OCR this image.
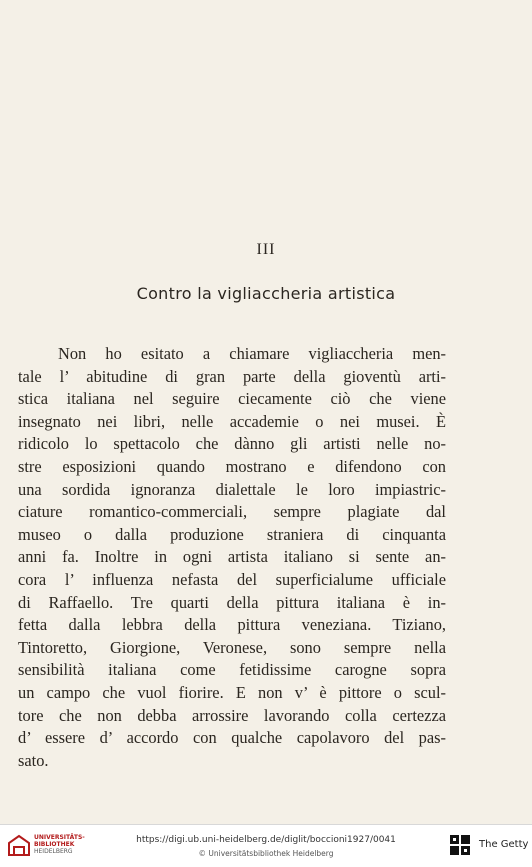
III
Contro la vigliaccheria artistica
Non ho esitato a chiamare vigliaccheria men-
tale l’ abitudine di gran parte della gioventù arti-
stica italiana nel seguire ciecamente ciò che viene
insegnato nei libri, nelle accademie o nei musei. È
ridicolo lo spettacolo che dànno gli artisti nelle no-
stre esposizioni quando mostrano e difendono con
una sordida ignoranza dialettale le loro impiastric-
ciature romantico-commerciali, sempre plagiate dal
museo o dalla produzione straniera di cinquanta
anni fa. Inoltre in ogni artista italiano si sente an-
cora l’ influenza nefasta del superficialume ufficiale
di Raffaello. Tre quarti della pittura italiana è in-
fetta dalla lebbra della pittura veneziana. Tiziano,
Tintoretto, Giorgione, Veronese, sono sempre nella
sensibilità italiana come fetidissime carogne sopra
un campo che vuol fiorire. E non v’ è pittore o scul-
tore che non debba arrossire lavorando colla certezza
d’ essere d’ accordo con qualche capolavoro del pas-
sato.
UNIVERSITÄTS-
BIBLIOTHEK
HEIDELBERG
https://digi.ub.uni-heidelberg.de/diglit/boccioni1927/0041
© Universitätsbibliothek Heidelberg
The Getty
